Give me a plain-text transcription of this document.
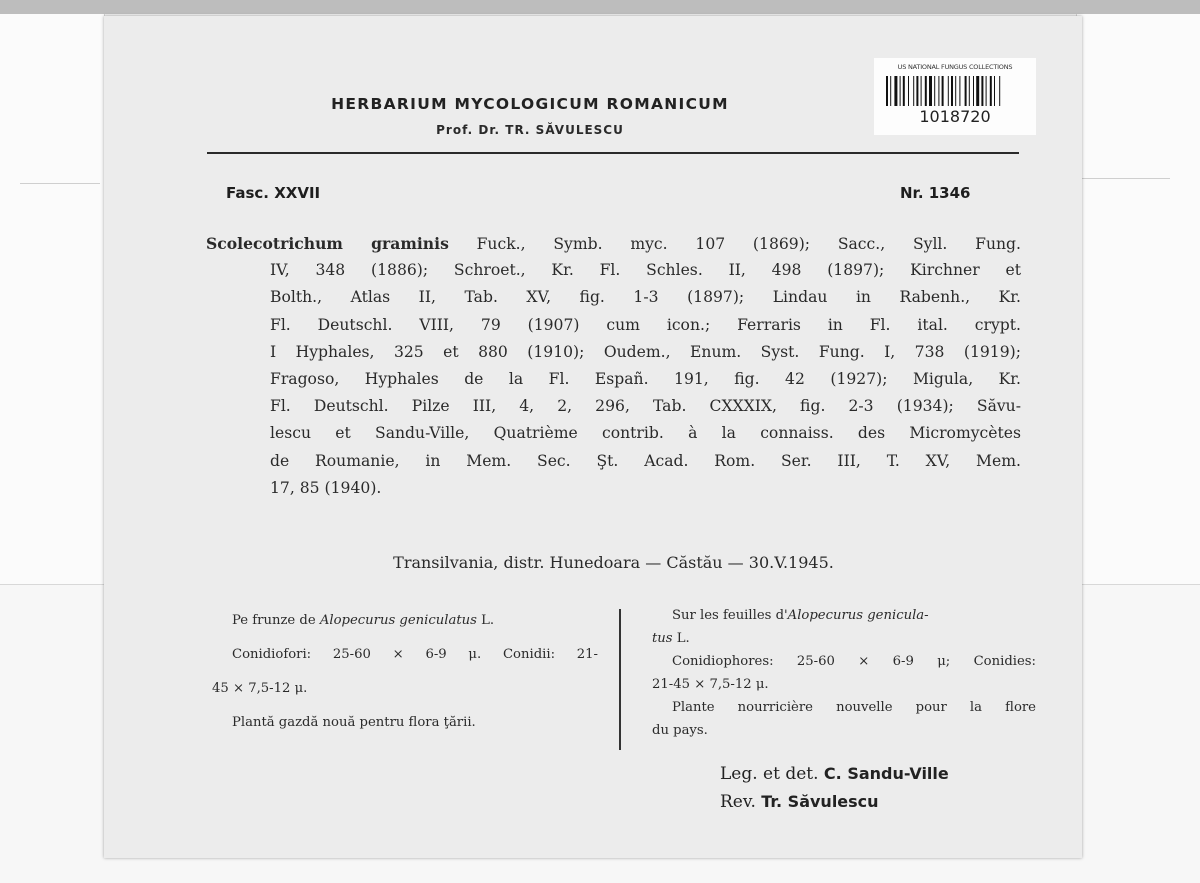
HERBARIUM MYCOLOGICUM ROMANICUM
Prof. Dr. TR. SĂVULESCU
US NATIONAL FUNGUS COLLECTIONS
1018720
Fasc. XXVII	Nr. 1346
Scolecotrichum graminis Fuck., Symb. myc. 107 (1869); Sacc., Syll. Fung.
IV, 348 (1886); Schroet., Kr. Fl. Schles. II, 498 (1897); Kirchner et
Bolth., Atlas II, Tab. XV, fig. 1-3 (1897); Lindau in Rabenh., Kr.
Fl. Deutschl. VIII, 79 (1907) cum icon.; Ferraris in Fl. ital. crypt.
I Hyphales, 325 et 880 (1910); Oudem., Enum. Syst. Fung. I, 738 (1919);
Fragoso, Hyphales de la Fl. Españ. 191, fig. 42 (1927); Migula, Kr.
Fl. Deutschl. Pilze III, 4, 2, 296, Tab. CXXXIX, fig. 2-3 (1934); Săvu-
lescu et Sandu-Ville, Quatrième contrib. à la connaiss. des Micromycètes
de Roumanie, in Mem. Sec. Şt. Acad. Rom. Ser. III, T. XV, Mem.
17, 85 (1940).
Transilvania, distr. Hunedoara — Căstău — 30.V.1945.
Pe frunze de Alopecurus geniculatus L.
Conidiofori: 25-60 × 6-9 μ. Conidii: 21-
45 × 7,5-12 μ.
Plantă gazdă nouă pentru flora ţării.
Sur les feuilles d'Alopecurus genicula-
tus L.
Conidiophores: 25-60 × 6-9 μ; Conidies:
21-45 × 7,5-12 μ.
Plante nourricière nouvelle pour la flore
du pays.
Leg. et det. C. Sandu-Ville
Rev. Tr. Săvulescu
